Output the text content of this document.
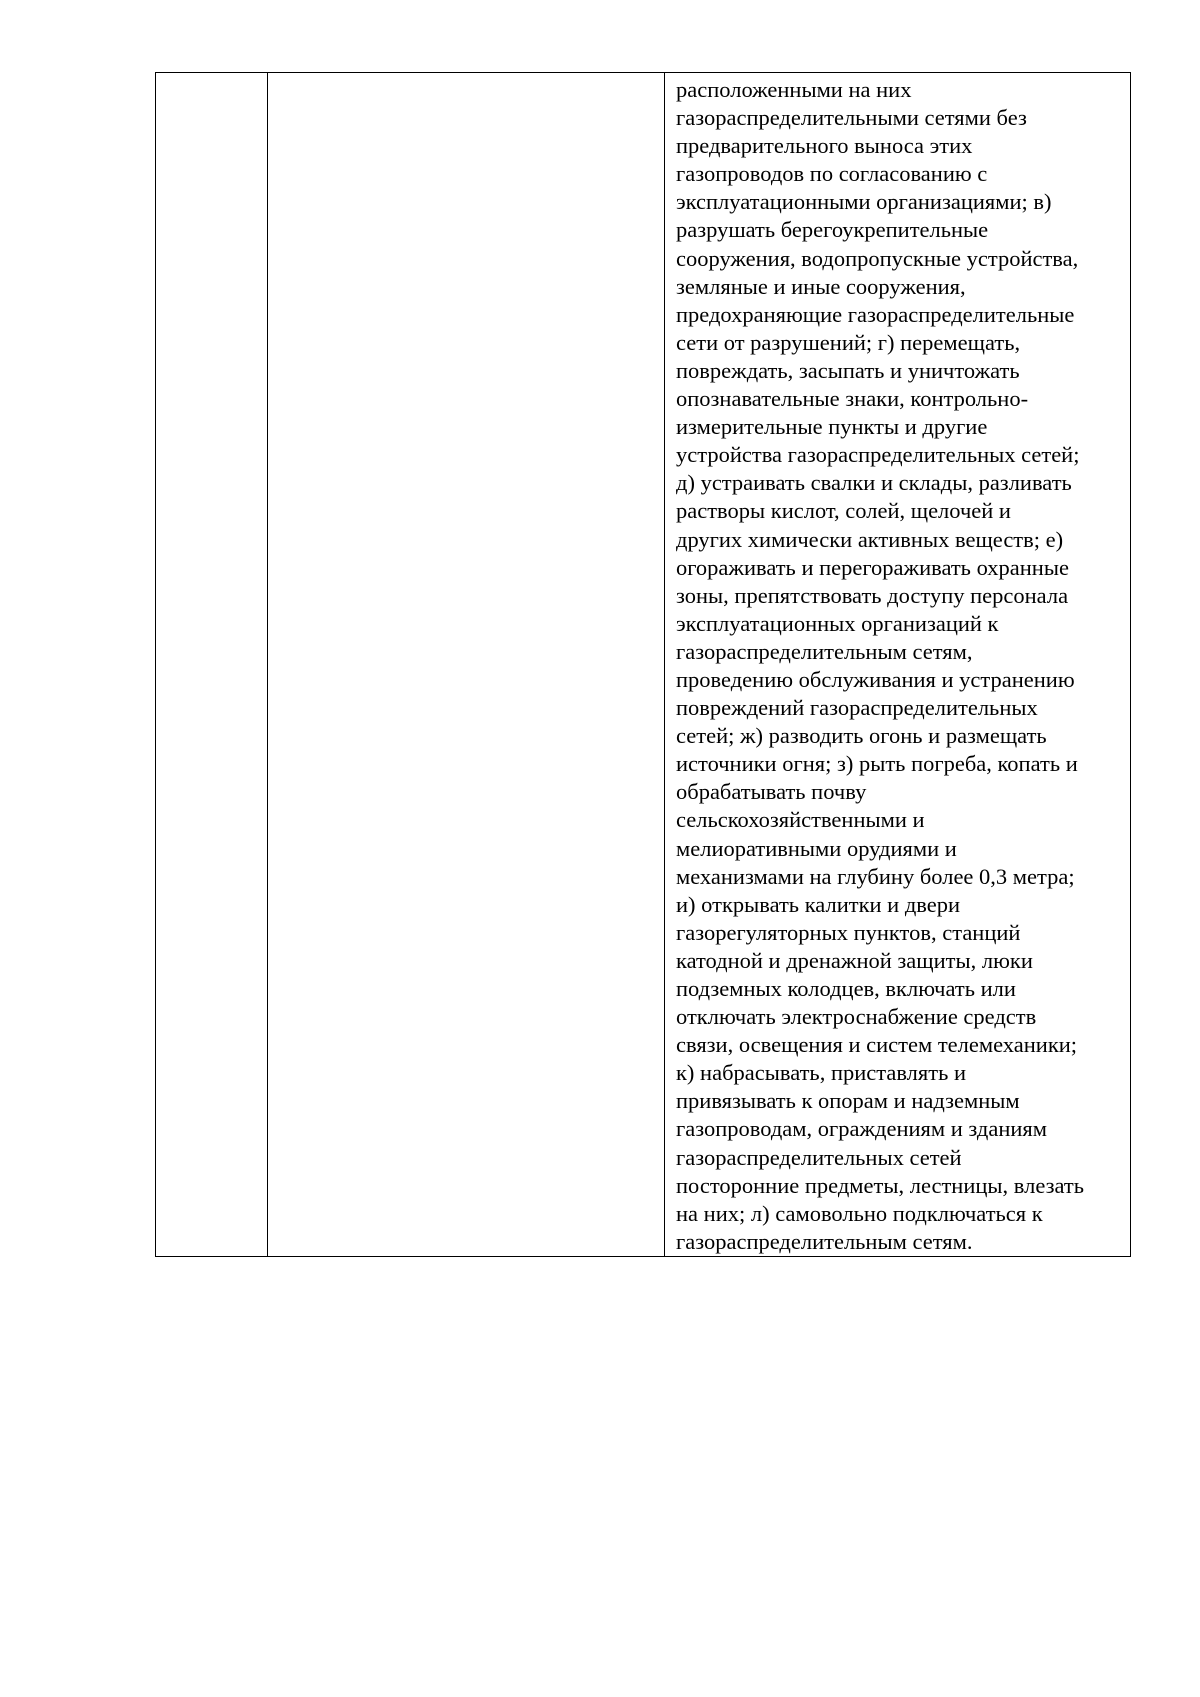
расположенными на них
газораспределительными сетями без
предварительного выноса этих
газопроводов по согласованию с
эксплуатационными организациями; в)
разрушать берегоукрепительные
сооружения, водопропускные устройства,
земляные и иные сооружения,
предохраняющие газораспределительные
сети от разрушений; г) перемещать,
повреждать, засыпать и уничтожать
опознавательные знаки, контрольно-
измерительные пункты и другие
устройства газораспределительных сетей;
д) устраивать свалки и склады, разливать
растворы кислот, солей, щелочей и
других химически активных веществ; е)
огораживать и перегораживать охранные
зоны, препятствовать доступу персонала
эксплуатационных организаций к
газораспределительным сетям,
проведению обслуживания и устранению
повреждений газораспределительных
сетей; ж) разводить огонь и размещать
источники огня; з) рыть погреба, копать и
обрабатывать почву
сельскохозяйственными и
мелиоративными орудиями и
механизмами на глубину более 0,3 метра;
и) открывать калитки и двери
газорегуляторных пунктов, станций
катодной и дренажной защиты, люки
подземных колодцев, включать или
отключать электроснабжение средств
связи, освещения и систем телемеханики;
к) набрасывать, приставлять и
привязывать к опорам и надземным
газопроводам, ограждениям и зданиям
газораспределительных сетей
посторонние предметы, лестницы, влезать
на них; л) самовольно подключаться к
газораспределительным сетям.
